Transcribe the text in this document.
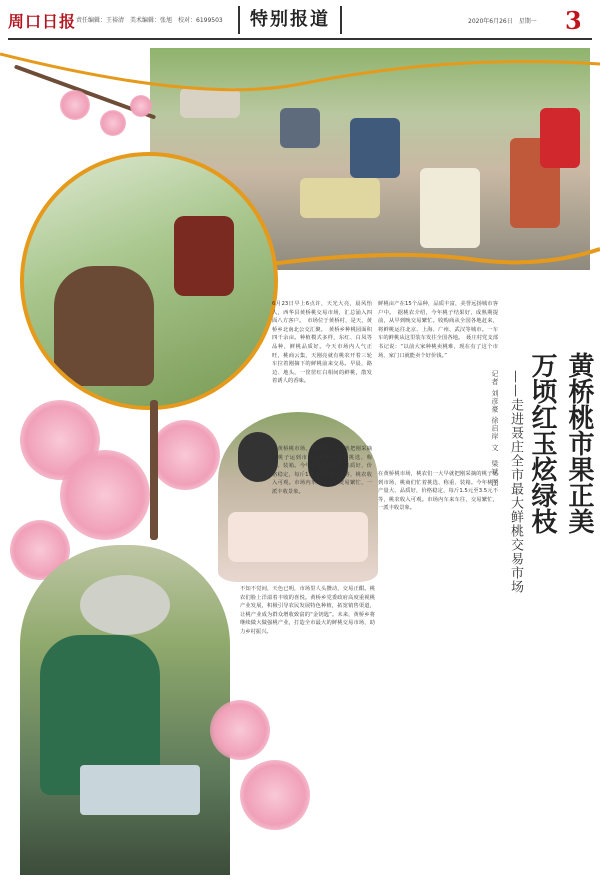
周口日报 责任编辑：王裕清　美术编辑：张旭　校对：6199503 特别报道	2020年6月26日　星期一 3
6月23日早上6点许，天光大亮，晨风怡人，西华县黄桥桃交易市场，汇总涌入四面八方客户。　市场位于黄桥村，是天，黄桥乡北南北公交汇聚。　黄桥乡种桃园面积四千余亩。种植模式多样，东红、白凤等品种，鲜桃品质好。今天市场内人气正旺，桃商云集，天刚亮就有桃农开着三轮车拉着刚摘下的鲜桃前来交易。早晨，路边、地头，一筐筐红白相间的鲜桃，散发着诱人的香味。
鲜桃亩产在15个品种，品质丰富，美誉远扬城市客户中。　据桃农介绍，今年桃子结果好，成熟期提前，从早到晚交易繁忙。收购商从全国各地赶来，将鲜桃运往北京、上海、广州、武汉等城市。一车车的鲜桃从这里装车发往全国各地。　聂庄村党支部书记说：“以前大家种桃卖桃难，现在有了这个市场，家门口就能卖个好价钱。”
在黄桥桃市场，桃农们一大早就把刚采摘的桃子运到市场，桃商们忙着挑选、称重、装箱。今年桃子产量大、品质好，价格稳定，每斤1.5元至3.5元不等，桃农收入可观。市场内车来车往，交易繁忙，一派丰收景象。
在黄桥桃市场，桃农们一大早就把刚采摘的桃子运到市场，桃商们忙着挑选、称重、装箱。今年桃子产量大、品质好，价格稳定，每斤1.5元至3.5元不等，桃农收入可观。市场内车来车往，交易繁忙，一派丰收景象。
不知不觉间，天色已明，市场里人头攒动，交易正酣。桃农们脸上洋溢着丰收的喜悦。黄桥乡党委政府高度重视桃产业发展，积极引导农民发展特色种植，拓宽销售渠道，让桃产业成为群众增收致富的“金钥匙”。未来，黄桥乡将继续做大做强桃产业，打造全市最大的鲜桃交易市场，助力乡村振兴。
黄桥桃市果正美
万顷红玉炫绿枝
——走进聂庄全市最大鲜桃交易市场
记者 刘彦豪 徐启岸 文　梁斌 图
